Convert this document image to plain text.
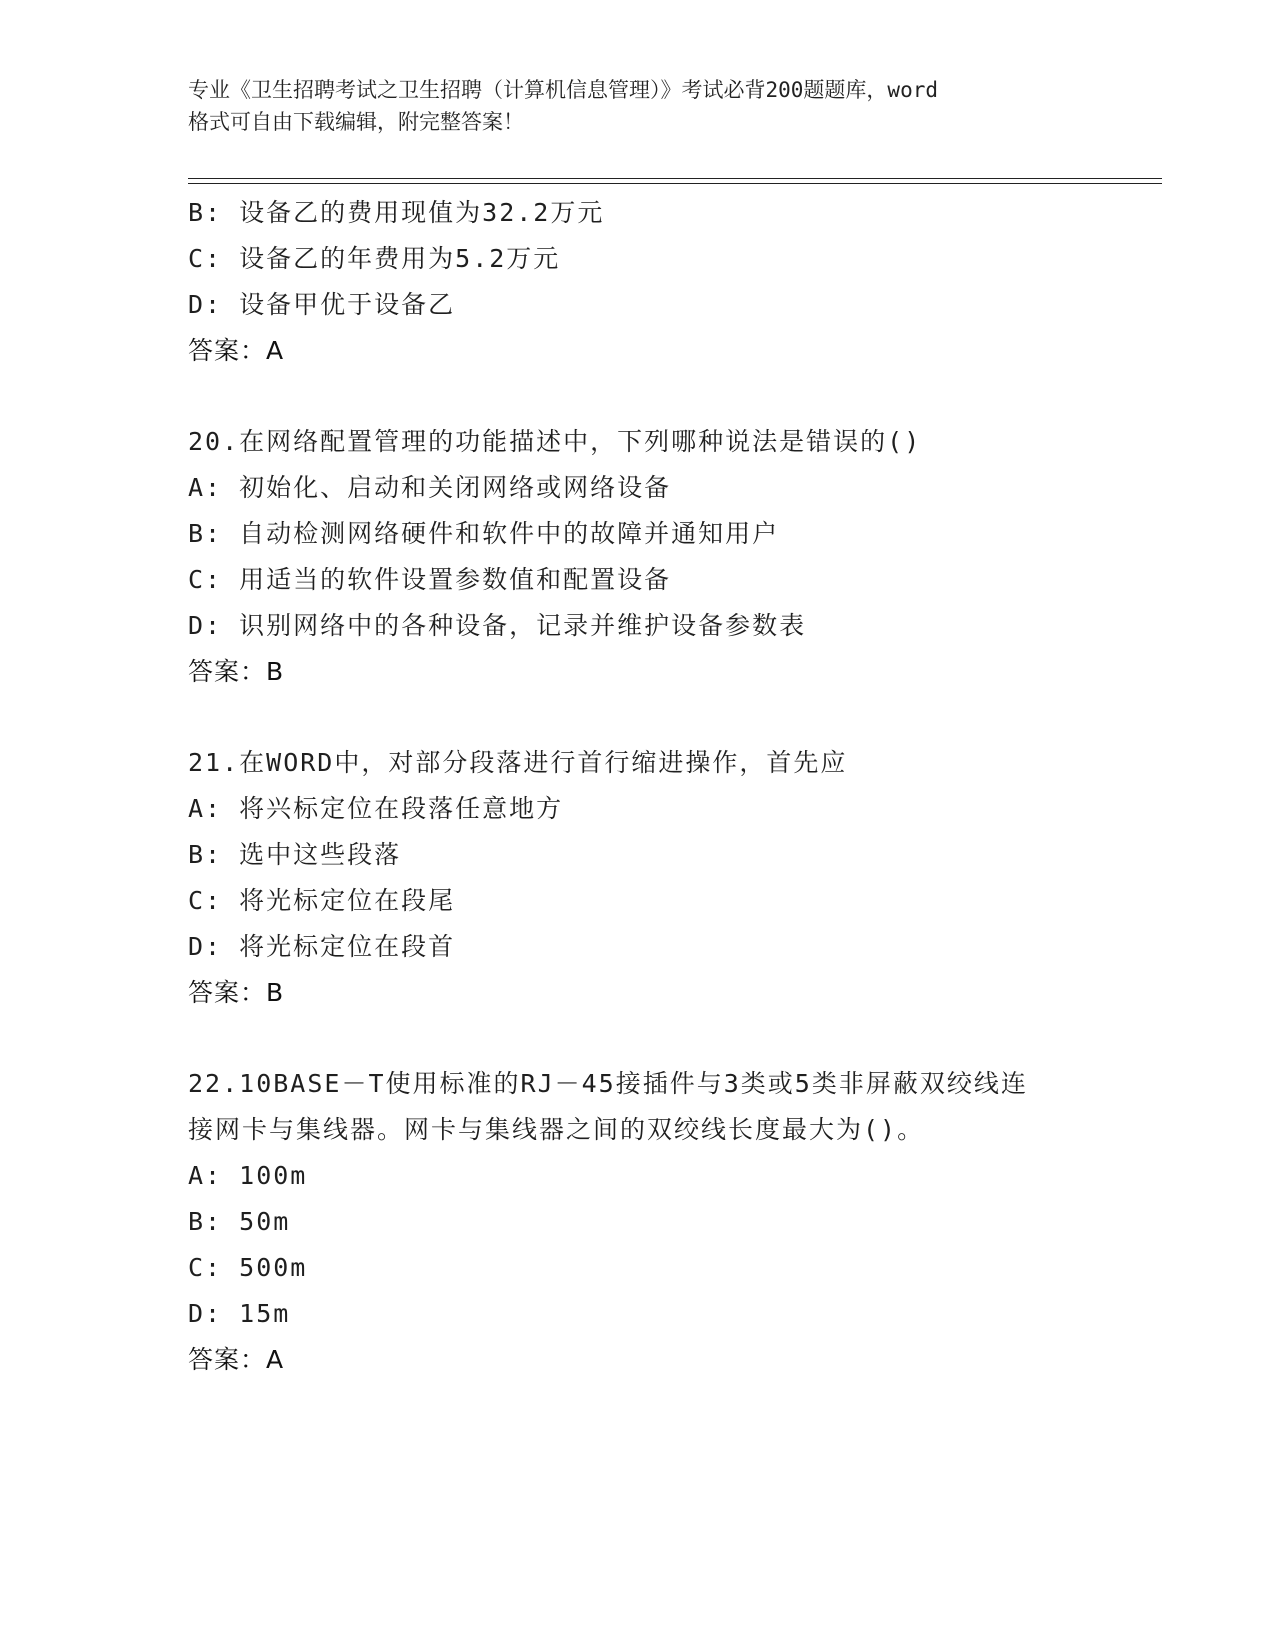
专业《卫生招聘考试之卫生招聘（计算机信息管理）》考试必背200题题库，word
格式可自由下载编辑，附完整答案！
B: 设备乙的费用现值为32.2万元
C: 设备乙的年费用为5.2万元
D: 设备甲优于设备乙
答案：A
20.在网络配置管理的功能描述中，下列哪种说法是错误的()
A: 初始化、启动和关闭网络或网络设备
B: 自动检测网络硬件和软件中的故障并通知用户
C: 用适当的软件设置参数值和配置设备
D: 识别网络中的各种设备，记录并维护设备参数表
答案：B
21.在WORD中，对部分段落进行首行缩进操作，首先应
A: 将兴标定位在段落任意地方
B: 选中这些段落
C: 将光标定位在段尾
D: 将光标定位在段首
答案：B
22.10BASE－T使用标准的RJ－45接插件与3类或5类非屏蔽双绞线连
接网卡与集线器。网卡与集线器之间的双绞线长度最大为()。
A: 100m
B: 50m
C: 500m
D: 15m
答案：A
